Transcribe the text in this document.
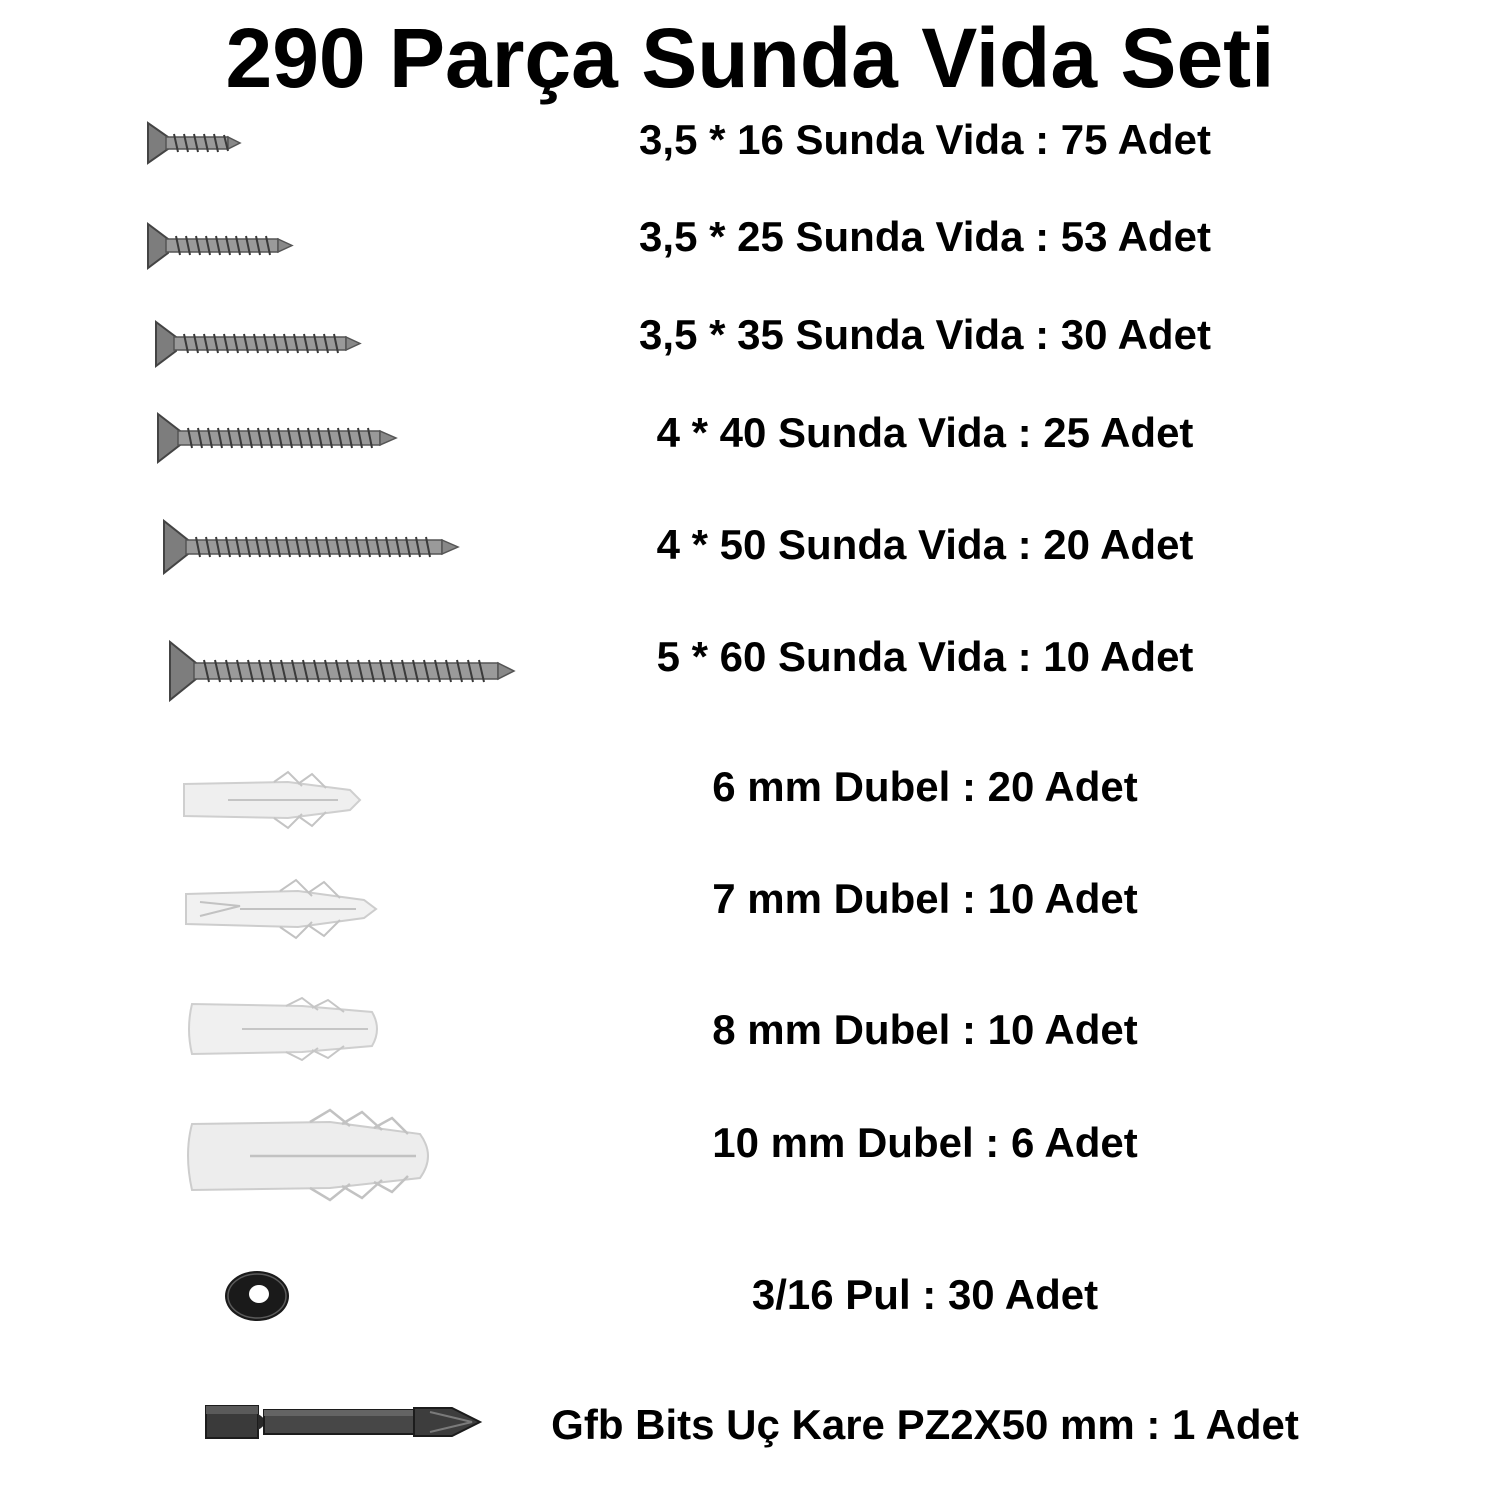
290 Parça Sunda Vida Seti
3,5 * 16 Sunda Vida : 75 Adet
3,5 * 25 Sunda Vida : 53 Adet
3,5 * 35 Sunda Vida : 30 Adet
4 * 40 Sunda Vida : 25 Adet
4 * 50 Sunda Vida : 20 Adet
5 * 60 Sunda Vida : 10 Adet
6 mm Dubel : 20 Adet
7 mm Dubel : 10 Adet
8 mm Dubel : 10 Adet
10 mm Dubel : 6 Adet
3/16 Pul : 30 Adet
Gfb Bits Uç Kare PZ2X50 mm : 1 Adet
